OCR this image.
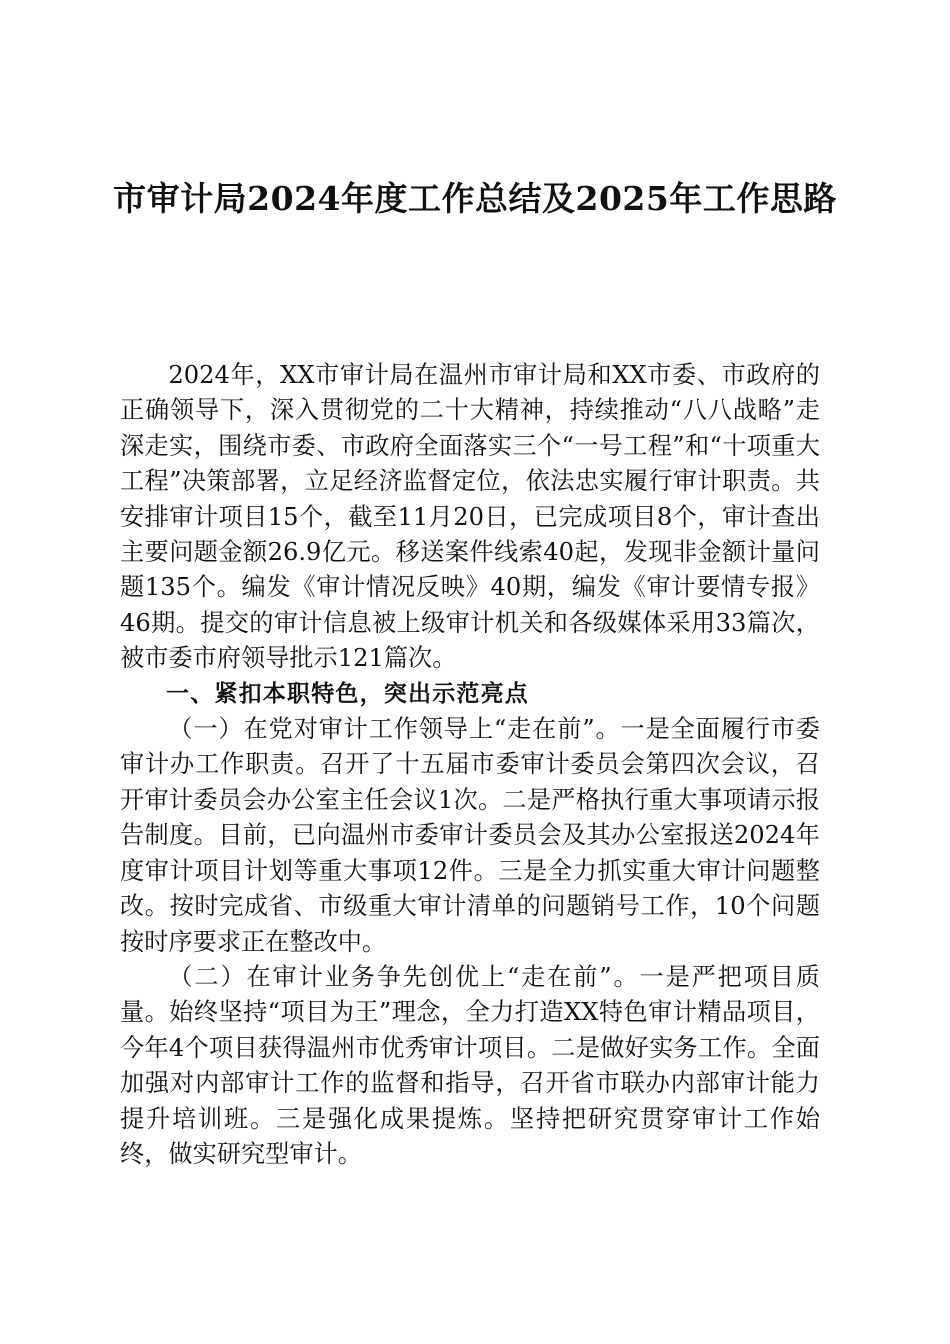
市审计局2024年度工作总结及2025年工作思路

2024年，XX市审计局在温州市审计局和XX市委、市政府的正确领导下，深入贯彻党的二十大精神，持续推动“八八战略”走深走实，围绕市委、市政府全面落实三个“一号工程”和“十项重大工程”决策部署，立足经济监督定位，依法忠实履行审计职责。共安排审计项目15个，截至11月20日，已完成项目8个，审计查出主要问题金额26.9亿元。移送案件线索40起，发现非金额计量问题135个。编发《审计情况反映》40期，编发《审计要情专报》46期。提交的审计信息被上级审计机关和各级媒体采用33篇次，被市委市府领导批示121篇次。

一、紧扣本职特色，突出示范亮点

（一）在党对审计工作领导上“走在前”。一是全面履行市委审计办工作职责。召开了十五届市委审计委员会第四次会议，召开审计委员会办公室主任会议1次。二是严格执行重大事项请示报告制度。目前，已向温州市委审计委员会及其办公室报送2024年度审计项目计划等重大事项12件。三是全力抓实重大审计问题整改。按时完成省、市级重大审计清单的问题销号工作，10个问题按时序要求正在整改中。

（二）在审计业务争先创优上“走在前”。一是严把项目质量。始终坚持“项目为王”理念，全力打造XX特色审计精品项目，今年4个项目获得温州市优秀审计项目。二是做好实务工作。全面加强对内部审计工作的监督和指导，召开省市联办内部审计能力提升培训班。三是强化成果提炼。坚持把研究贯穿审计工作始终，做实研究型审计。
